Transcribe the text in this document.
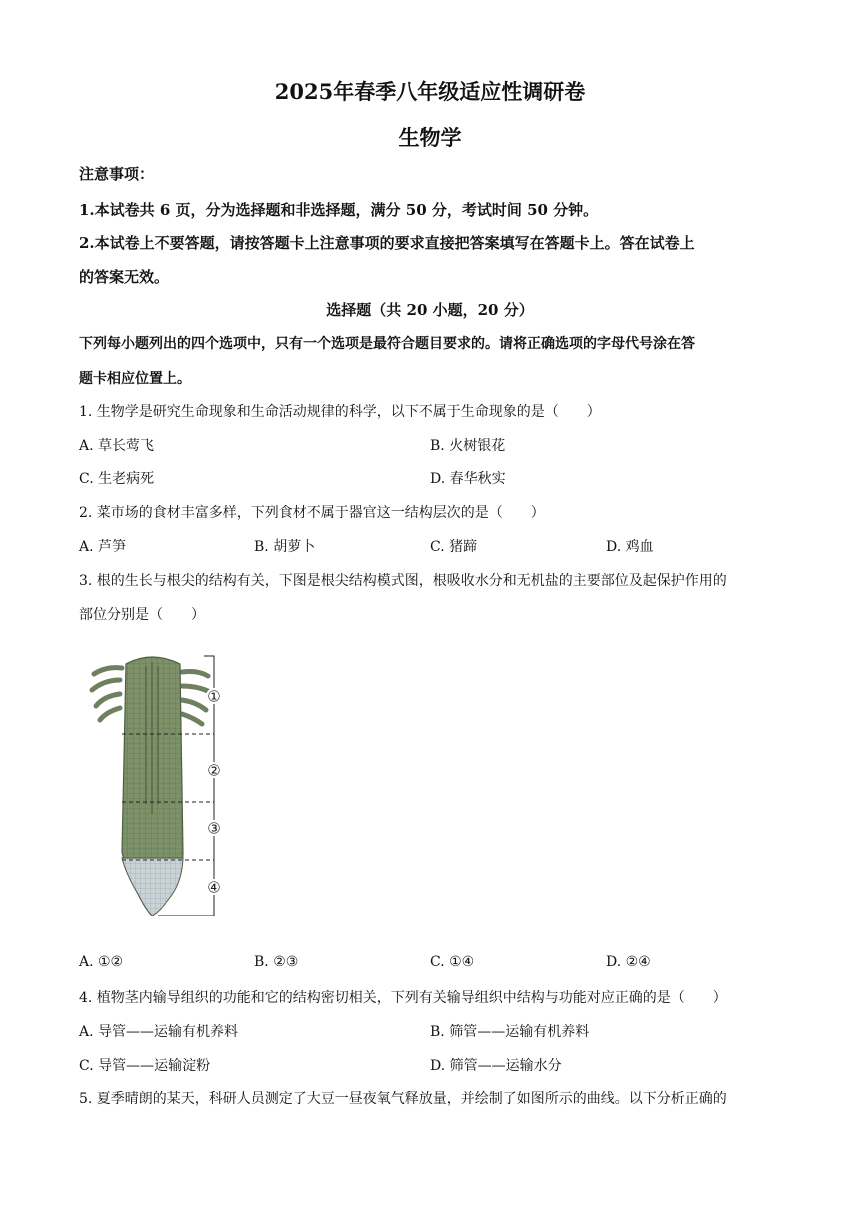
2025年春季八年级适应性调研卷
生物学
注意事项：
1.本试卷共 6 页，分为选择题和非选择题，满分 50 分，考试时间 50 分钟。
2.本试卷上不要答题，请按答题卡上注意事项的要求直接把答案填写在答题卡上。答在试卷上
的答案无效。
选择题（共 20 小题，20 分）
下列每小题列出的四个选项中，只有一个选项是最符合题目要求的。请将正确选项的字母代号涂在答
题卡相应位置上。
1. 生物学是研究生命现象和生命活动规律的科学，以下不属于生命现象的是（　　）
A. 草长莺飞	B. 火树银花
C. 生老病死	D. 春华秋实
2. 菜市场的食材丰富多样，下列食材不属于器官这一结构层次的是（　　）
A. 芦笋	B. 胡萝卜	C. 猪蹄	D. 鸡血
3. 根的生长与根尖的结构有关，下图是根尖结构模式图，根吸收水分和无机盐的主要部位及起保护作用的
部位分别是（　　）
①
②
③
④
A. ①②	B. ②③	C. ①④	D. ②④
4. 植物茎内输导组织的功能和它的结构密切相关，下列有关输导组织中结构与功能对应正确的是（　　）
A. 导管——运输有机养料	B. 筛管——运输有机养料
C. 导管——运输淀粉	D. 筛管——运输水分
5. 夏季晴朗的某天，科研人员测定了大豆一昼夜氧气释放量，并绘制了如图所示的曲线。以下分析正确的
